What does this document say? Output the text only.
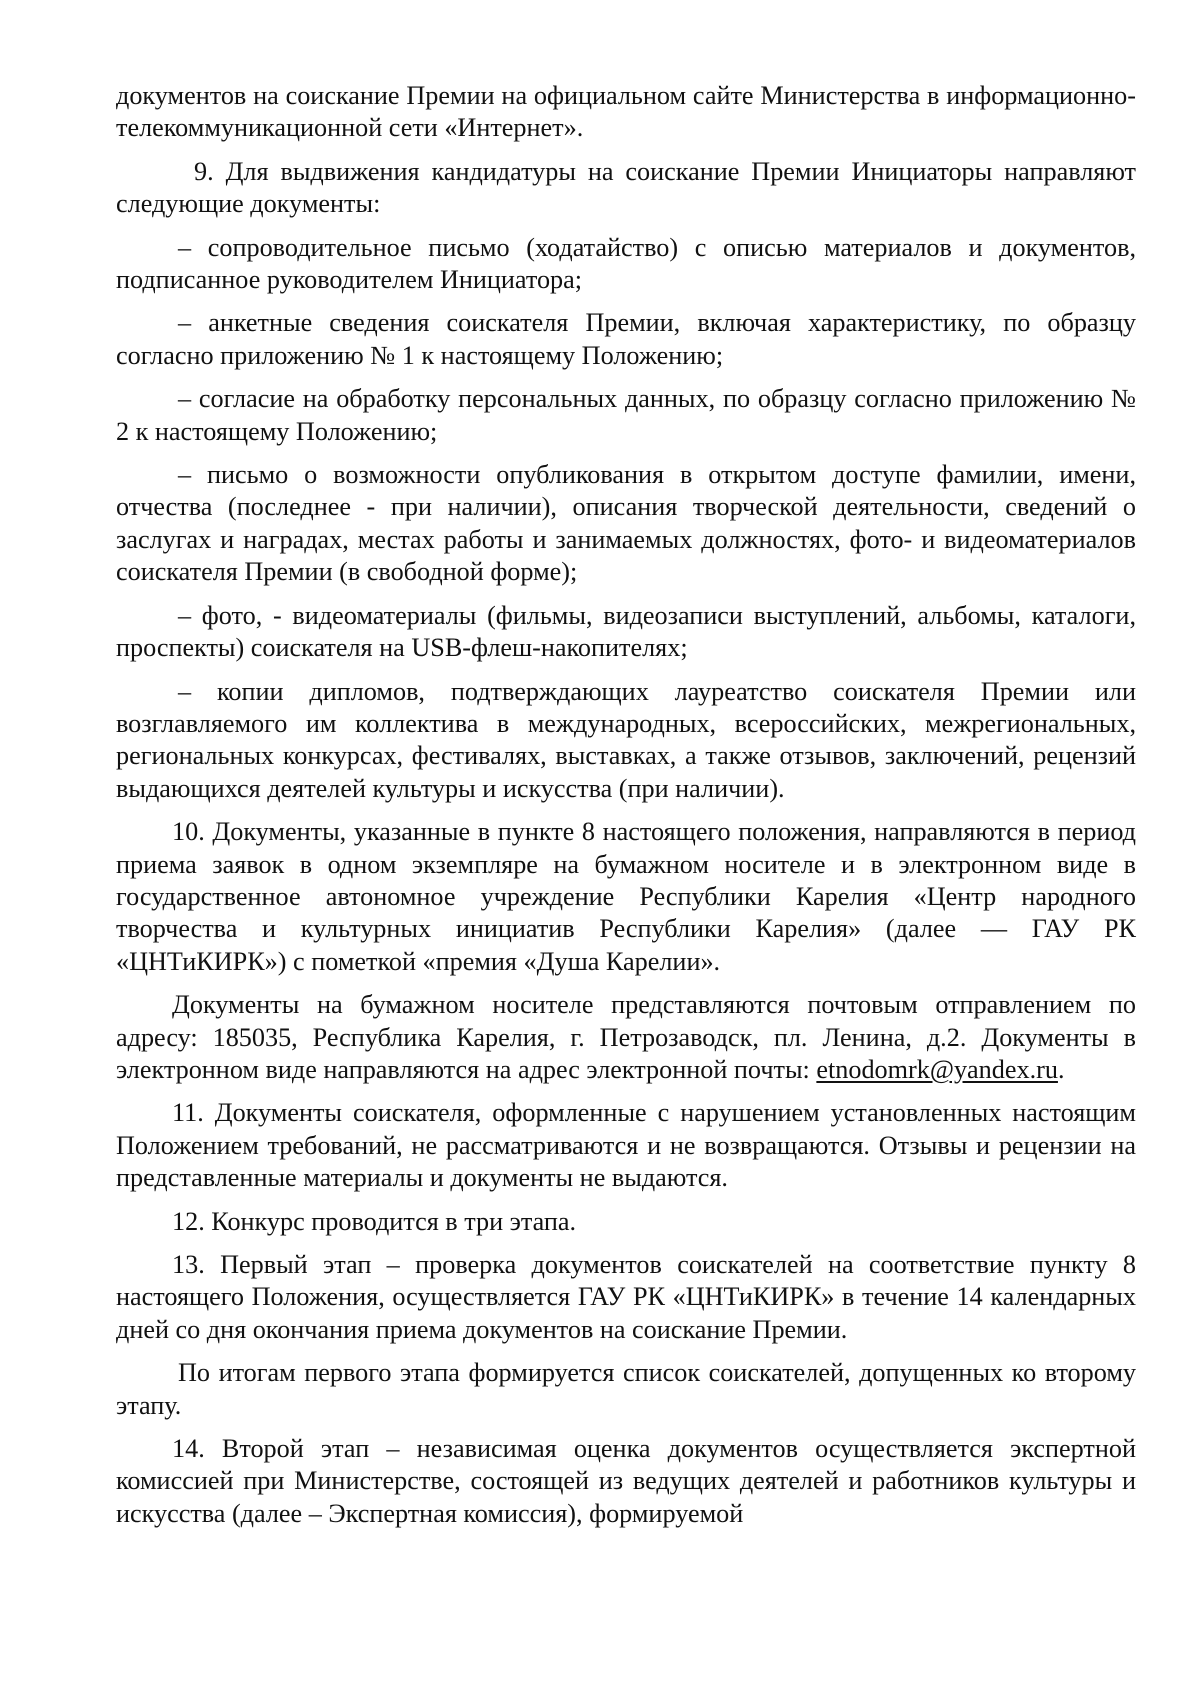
документов на соискание Премии на официальном сайте Министерства в информационно-телекоммуникационной сети «Интернет».

9. Для выдвижения кандидатуры на соискание Премии Инициаторы направляют следующие документы:

– сопроводительное письмо (ходатайство) с описью материалов и документов, подписанное руководителем Инициатора;

– анкетные сведения соискателя Премии, включая характеристику, по образцу согласно приложению № 1 к настоящему Положению;

– согласие на обработку персональных данных, по образцу согласно приложению № 2 к настоящему Положению;

– письмо о возможности опубликования в открытом доступе фамилии, имени, отчества (последнее - при наличии), описания творческой деятельности, сведений о заслугах и наградах, местах работы и занимаемых должностях, фото- и видеоматериалов соискателя Премии (в свободной форме);

– фото, - видеоматериалы (фильмы, видеозаписи выступлений, альбомы, каталоги, проспекты) соискателя на USB-флеш-накопителях;

– копии дипломов, подтверждающих лауреатство соискателя Премии или возглавляемого им коллектива в международных, всероссийских, межрегиональных, региональных конкурсах, фестивалях, выставках, а также отзывов, заключений, рецензий выдающихся деятелей культуры и искусства (при наличии).

10. Документы, указанные в пункте 8 настоящего положения, направляются в период приема заявок в одном экземпляре на бумажном носителе и в электронном виде в государственное автономное учреждение Республики Карелия «Центр народного творчества и культурных инициатив Республики Карелия» (далее — ГАУ РК «ЦНТиКИРК») с пометкой «премия «Душа Карелии».

Документы на бумажном носителе представляются почтовым отправлением по адресу: 185035, Республика Карелия, г. Петрозаводск, пл. Ленина, д.2. Документы в электронном виде направляются на адрес электронной почты: etnodomrk@yandex.ru.

11. Документы соискателя, оформленные с нарушением установленных настоящим Положением требований, не рассматриваются и не возвращаются. Отзывы и рецензии на представленные материалы и документы не выдаются.

12. Конкурс проводится в три этапа.

13. Первый этап – проверка документов соискателей на соответствие пункту 8 настоящего Положения, осуществляется ГАУ РК «ЦНТиКИРК» в течение 14 календарных дней со дня окончания приема документов на соискание Премии.

По итогам первого этапа формируется список соискателей, допущенных ко второму этапу.

14. Второй этап – независимая оценка документов осуществляется экспертной комиссией при Министерстве, состоящей из ведущих деятелей и работников культуры и искусства (далее – Экспертная комиссия), формируемой
